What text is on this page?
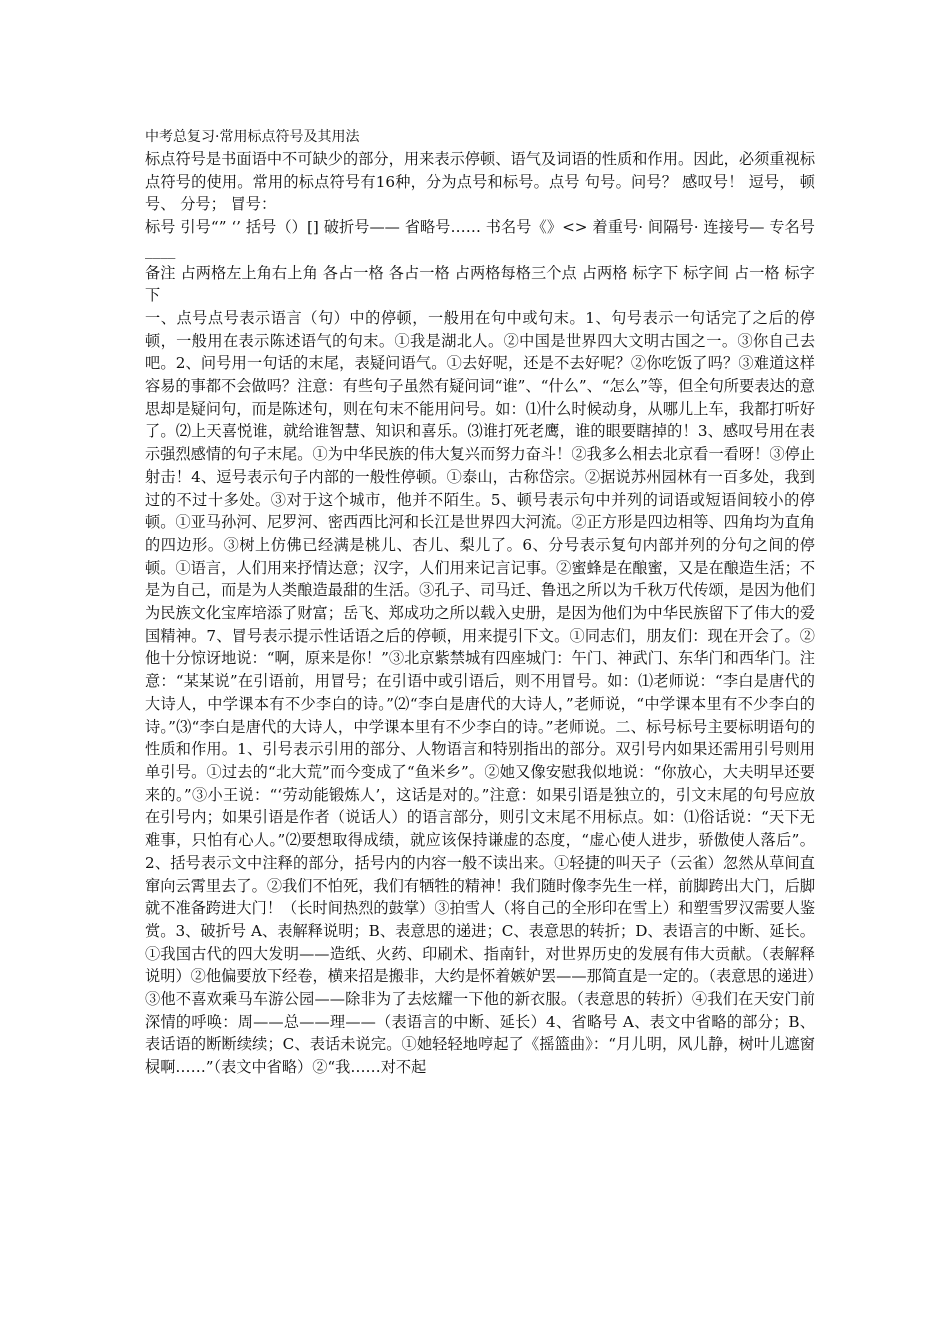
中考总复习·常用标点符号及其用法

标点符号是书面语中不可缺少的部分，用来表示停顿、语气及词语的性质和作用。因此，必须重视标点符号的使用。常用的标点符号有16种，分为点号和标号。点号 句号。问号？ 感叹号！ 逗号， 顿号、 分号； 冒号：

标号 引号“” ‘’ 括号（）[] 破折号—— 省略号…… 书名号《》<> 着重号· 间隔号· 连接号— 专名号____

备注 占两格左上角右上角 各占一格 各占一格 占两格每格三个点 占两格 标字下 标字间 占一格 标字下

一、点号点号表示语言（句）中的停顿，一般用在句中或句末。1、句号表示一句话完了之后的停顿，一般用在表示陈述语气的句末。①我是湖北人。②中国是世界四大文明古国之一。③你自己去吧。2、问号用一句话的末尾，表疑问语气。①去好呢，还是不去好呢？②你吃饭了吗？③难道这样容易的事都不会做吗？注意：有些句子虽然有疑问词“谁”、“什么”、“怎么”等，但全句所要表达的意思却是疑问句，而是陈述句，则在句末不能用问号。如：⑴什么时候动身，从哪儿上车，我都打听好了。⑵上天喜悦谁，就给谁智慧、知识和喜乐。⑶谁打死老鹰，谁的眼要瞎掉的！3、感叹号用在表示强烈感情的句子末尾。①为中华民族的伟大复兴而努力奋斗！②我多么相去北京看一看呀！③停止射击！4、逗号表示句子内部的一般性停顿。①泰山，古称岱宗。②据说苏州园林有一百多处，我到过的不过十多处。③对于这个城市，他并不陌生。5、顿号表示句中并列的词语或短语间较小的停顿。①亚马孙河、尼罗河、密西西比河和长江是世界四大河流。②正方形是四边相等、四角均为直角的四边形。③树上仿佛已经满是桃儿、杏儿、梨儿了。6、分号表示复句内部并列的分句之间的停顿。①语言，人们用来抒情达意；汉字，人们用来记言记事。②蜜蜂是在酿蜜，又是在酿造生活；不是为自己，而是为人类酿造最甜的生活。③孔子、司马迁、鲁迅之所以为千秋万代传颂，是因为他们为民族文化宝库培添了财富；岳飞、郑成功之所以载入史册，是因为他们为中华民族留下了伟大的爱国精神。7、冒号表示提示性话语之后的停顿，用来提引下文。①同志们，朋友们：现在开会了。②他十分惊讶地说：“啊，原来是你！”③北京紫禁城有四座城门：午门、神武门、东华门和西华门。注意：“某某说”在引语前，用冒号；在引语中或引语后，则不用冒号。如：⑴老师说：“李白是唐代的大诗人，中学课本有不少李白的诗。”⑵“李白是唐代的大诗人，”老师说，“中学课本里有不少李白的诗。”⑶“李白是唐代的大诗人，中学课本里有不少李白的诗。”老师说。二、标号标号主要标明语句的性质和作用。1、引号表示引用的部分、人物语言和特别指出的部分。双引号内如果还需用引号则用单引号。①过去的“北大荒”而今变成了“鱼米乡”。②她又像安慰我似地说：“你放心，大夫明早还要来的。”③小王说：“‘劳动能锻炼人’，这话是对的。”注意：如果引语是独立的，引文末尾的句号应放在引号内；如果引语是作者（说话人）的语言部分，则引文末尾不用标点。如：⑴俗话说：“天下无难事，只怕有心人。”⑵要想取得成绩，就应该保持谦虚的态度，“虚心使人进步，骄傲使人落后”。2、括号表示文中注释的部分，括号内的内容一般不读出来。①轻捷的叫天子（云雀）忽然从草间直窜向云霄里去了。②我们不怕死，我们有牺牲的精神！我们随时像李先生一样，前脚跨出大门，后脚就不准备跨进大门！（长时间热烈的鼓掌）③拍雪人（将自己的全形印在雪上）和塑雪罗汉需要人鉴赏。3、破折号 A、表解释说明；B、表意思的递进；C、表意思的转折；D、表语言的中断、延长。①我国古代的四大发明——造纸、火药、印刷术、指南针，对世界历史的发展有伟大贡献。（表解释说明）②他偏要放下经卷，横来招是搬非，大约是怀着嫉妒罢——那简直是一定的。（表意思的递进）③他不喜欢乘马车游公园——除非为了去炫耀一下他的新衣服。（表意思的转折）④我们在天安门前深情的呼唤：周——总——理——（表语言的中断、延长）4、省略号 A、表文中省略的部分；B、表话语的断断续续；C、表话未说完。①她轻轻地哼起了《摇篮曲》：“月儿明，风儿静，树叶儿遮窗棂啊……”（表文中省略）②“我……对不起
